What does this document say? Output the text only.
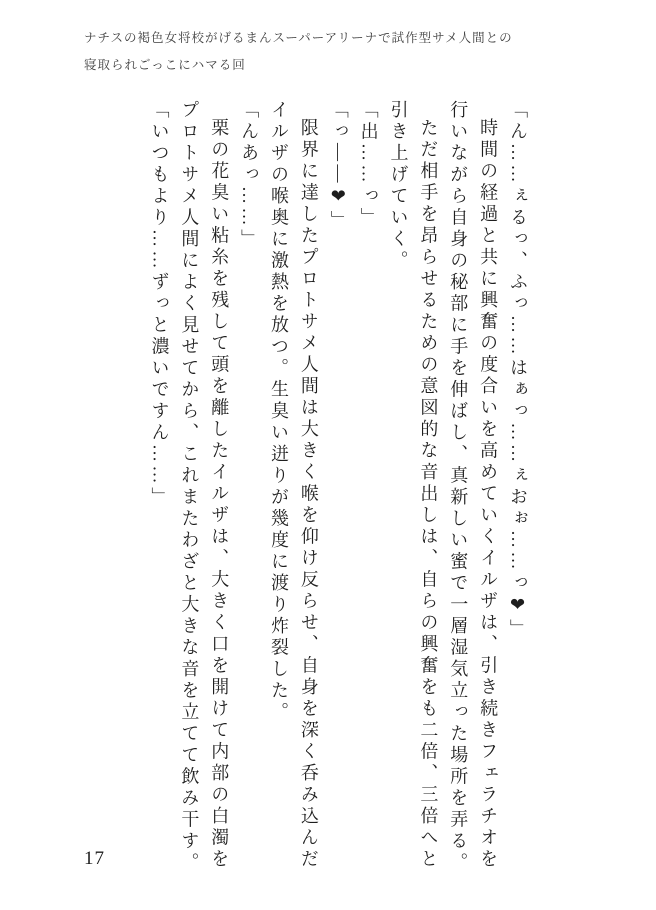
ナチスの褐色女将校がげるまんスーパーアリーナで試作型サメ人間との
寝取られごっこにハマる回

「ん……ぇるっ、ふっ……はぁっ……ぇおぉ……っ❤」

時間の経過と共に興奮の度合いを高めていくイルザは、引き続きフェラチオを行いながら自身の秘部に手を伸ばし、真新しい蜜で一層湿気立った場所を弄る。

ただ相手を昂らせるための意図的な音出しは、自らの興奮をも二倍、三倍へと引き上げていく。

「出……っ」

「っ——❤」

限界に達したプロトサメ人間は大きく喉を仰け反らせ、自身を深く呑み込んだイルザの喉奥に激熱を放つ。生臭い迸りが幾度に渡り炸裂した。

「んあっ……」

栗の花臭い粘糸を残して頭を離したイルザは、大きく口を開けて内部の白濁をプロトサメ人間によく見せてから、これまたわざと大きな音を立てて飲み干す。

「いつもより……ずっと濃いですん……」

17
